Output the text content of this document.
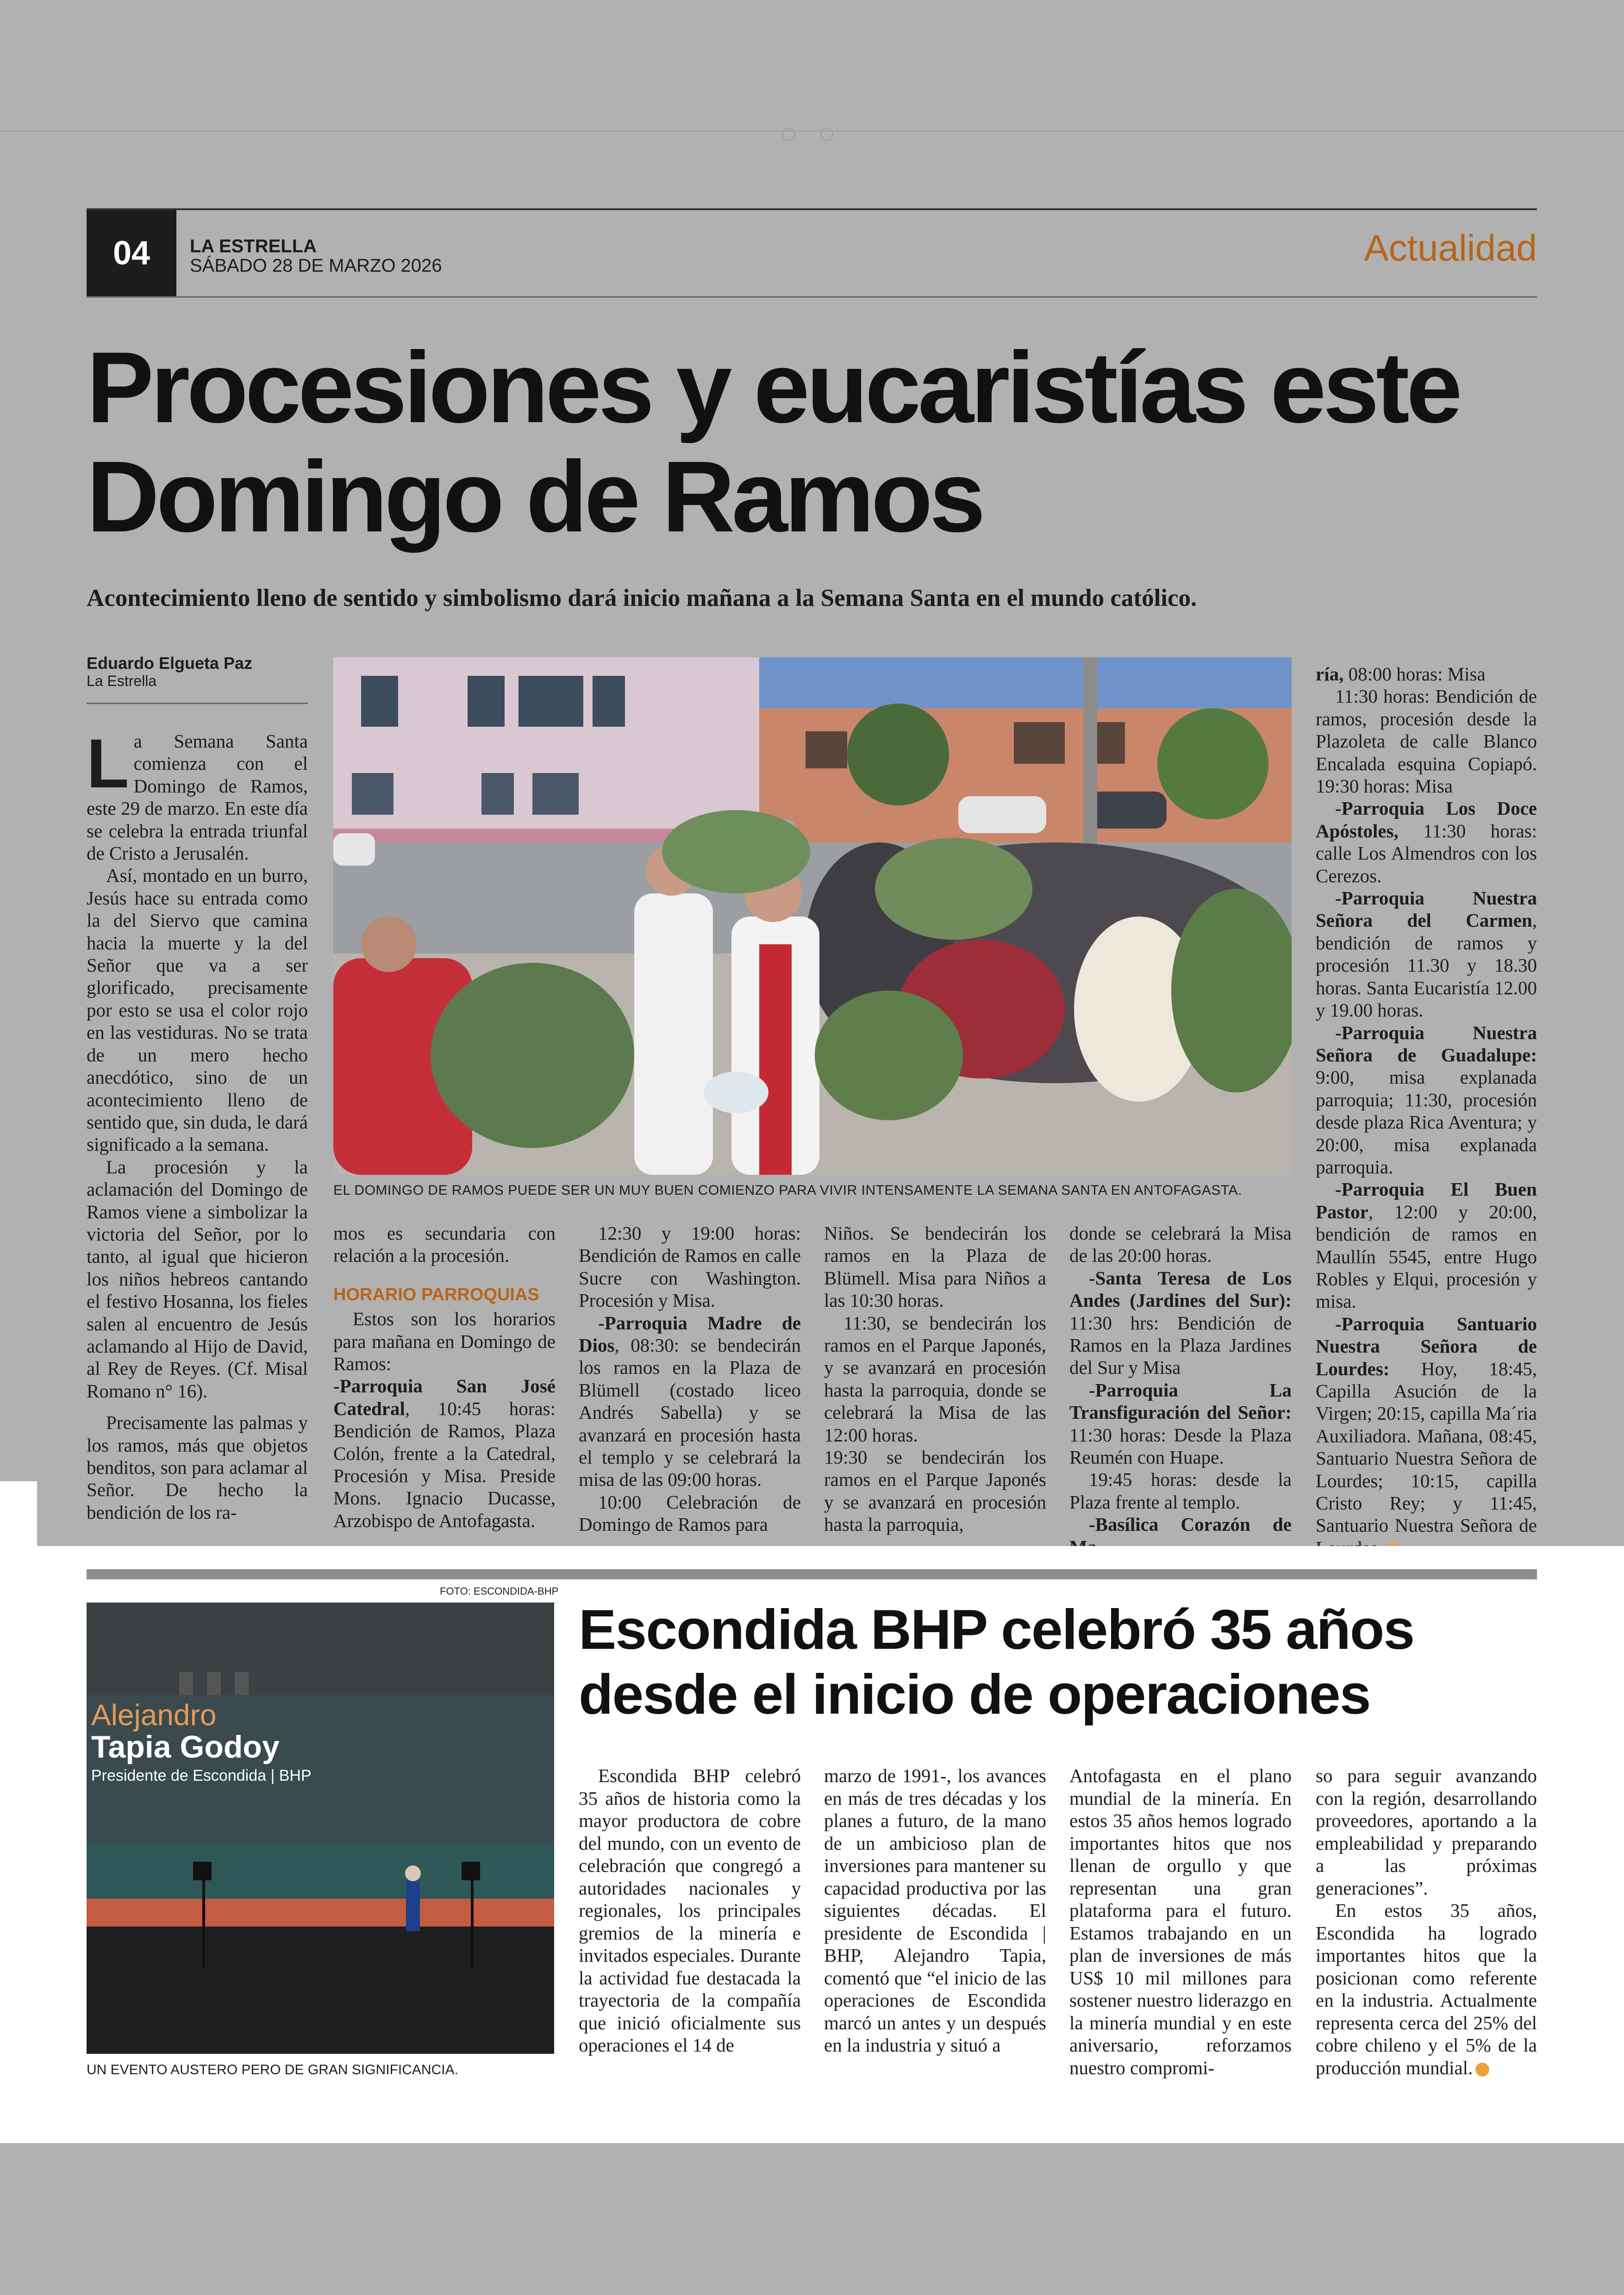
04	LA ESTRELLA
SÁBADO 28 DE MARZO 2026	Actualidad
Procesiones y eucaristías este
Domingo de Ramos
Acontecimiento lleno de sentido y simbolismo dará inicio mañana a la Semana Santa en el mundo católico.
Eduardo Elgueta Paz
La Estrella

La Semana Santa comienza con el Domingo de Ramos, este 29 de marzo. En este día se celebra la entrada triunfal de Cristo a Jerusalén.

Así, montado en un burro, Jesús hace su entrada como la del Siervo que camina hacia la muerte y la del Señor que va a ser glorificado, precisamente por esto se usa el color rojo en las vestiduras. No se trata de un mero hecho anecdótico, sino de un acontecimiento lleno de sentido que, sin duda, le dará significado a la semana.

La procesión y la aclamación del Domingo de Ramos viene a simbolizar la victoria del Señor, por lo tanto, al igual que hicieron los niños hebreos cantando el festivo Hosanna, los fieles salen al encuentro de Jesús aclamando al Hijo de David, al Rey de Reyes. (Cf. Misal Romano n° 16).

Precisamente las palmas y los ramos, más que objetos benditos, son para aclamar al Señor. De hecho la bendición de los ra-

EL DOMINGO DE RAMOS PUEDE SER UN MUY BUEN COMIENZO PARA VIVIR INTENSAMENTE LA SEMANA SANTA EN ANTOFAGASTA.

mos es secundaria con relación a la procesión.

HORARIO PARROQUIAS

Estos son los horarios para mañana en Domingo de Ramos:

-Parroquia San José Catedral, 10:45 horas: Bendición de Ramos, Plaza Colón, frente a la Catedral, Procesión y Misa. Preside Mons. Ignacio Ducasse, Arzobispo de Antofagasta.

12:30 y 19:00 horas: Bendición de Ramos en calle Sucre con Washington. Procesión y Misa.

-Parroquia Madre de Dios, 08:30: se bendecirán los ramos en la Plaza de Blümell (costado liceo Andrés Sabella) y se avanzará en procesión hasta el templo y se celebrará la misa de las 09:00 horas.

10:00 Celebración de Domingo de Ramos para

Niños. Se bendecirán los ramos en la Plaza de Blümell. Misa para Niños a las 10:30 horas.

11:30, se bendecirán los ramos en el Parque Japonés, y se avanzará en procesión hasta la parroquia, donde se celebrará la Misa de las 12:00 horas.

19:30 se bendecirán los ramos en el Parque Japonés y se avanzará en procesión hasta la parroquia,

donde se celebrará la Misa de las 20:00 horas.

-Santa Teresa de Los Andes (Jardines del Sur): 11:30 hrs: Bendición de Ramos en la Plaza Jardines del Sur y Misa

-Parroquia La Transfiguración del Señor: 11:30 horas: Desde la Plaza Reumén con Huape.

19:45 horas: desde la Plaza frente al templo.

-Basílica Corazón de

ría, 08:00 horas: Misa

11:30 horas: Bendición de ramos, procesión desde la Plazoleta de calle Blanco Encalada esquina Copiapó. 19:30 horas: Misa

-Parroquia Los Doce Apóstoles, 11:30 horas: calle Los Almendros con los Cerezos.

-Parroquia Nuestra Señora del Carmen, bendición de ramos y procesión 11.30 y 18.30 horas. Santa Eucaristía 12.00 y 19.00 horas.

-Parroquia Nuestra Señora de Guadalupe: 9:00, misa explanada parroquia; 11:30, procesión desde plaza Rica Aventura; y 20:00, misa explanada parroquia.

-Parroquia El Buen Pastor, 12:00 y 20:00, bendición de ramos en Maullín 5545, entre Hugo Robles y Elqui, procesión y misa.

-Parroquia Santuario Nuestra Señora de Lourdes: Hoy, 18:45, Capilla Asución de la Virgen; 20:15, capilla Ma´ria Auxiliadora. Mañana, 08:45, Santuario Nuestra Señora de Lourdes; 10:15, capilla Cristo Rey; y 11:45, Santuario Nuestra Señora de

FOTO: ESCONDIDA-BHP
Alejandro
Tapia Godoy
Presidente de Escondida | BHP
UN EVENTO AUSTERO PERO DE GRAN SIGNIFICANCIA.
Escondida BHP celebró 35 años
desde el inicio de operaciones

Escondida BHP celebró 35 años de historia como la mayor productora de cobre del mundo, con un evento de celebración que congregó a autoridades nacionales y regionales, los principales gremios de la minería e invitados especiales. Durante la actividad fue destacada la trayectoria de la compañía que inició oficialmente sus operaciones el 14 de

marzo de 1991-, los avances en más de tres décadas y los planes a futuro, de la mano de un ambicioso plan de inversiones para mantener su capacidad productiva por las siguientes décadas. El presidente de Escondida | BHP, Alejandro Tapia, comentó que “el inicio de las operaciones de Escondida marcó un antes y un después en la industria y situó a

Antofagasta en el plano mundial de la minería. En estos 35 años hemos logrado importantes hitos que nos llenan de orgullo y que representan una gran plataforma para el futuro. Estamos trabajando en un plan de inversiones de más US$ 10 mil millones para sostener nuestro liderazgo en la minería mundial y en este aniversario, reforzamos nuestro compromi-

so para seguir avanzando con la región, desarrollando proveedores, aportando a la empleabilidad y preparando a las próximas generaciones”.

En estos 35 años, Escondida ha logrado importantes hitos que la posicionan como referente en la industria. Actualmente representa cerca del 25% del cobre chileno y el 5% de la producción mundial.
